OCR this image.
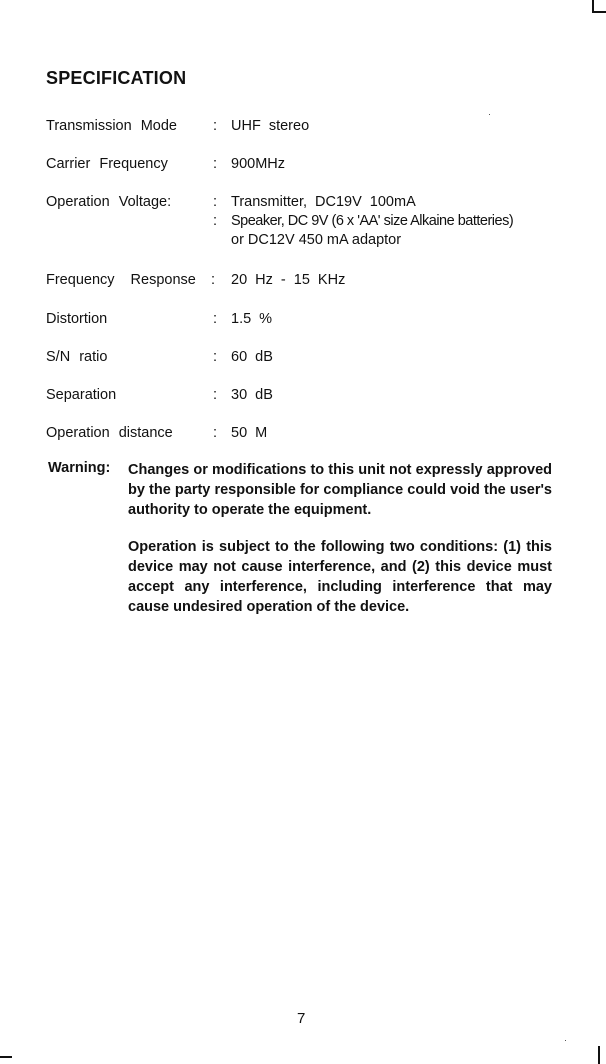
SPECIFICATION
Transmission Mode : UHF stereo
Carrier Frequency	: 900MHz
Operation Voltage:	: Transmitter, DC19V 100mA
: Speaker, DC 9V (6 x 'AA' size Alkaine batteries)
or DC12V 450 mA adaptor
Frequency Response : 20 Hz - 15 KHz
Distortion	: 1.5 %
S/N ratio	: 60 dB
Separation	: 30 dB
Operation distance	: 50 M
Warning: Changes or modifications to this unit not expressly approved by the party responsible for compliance could void the user's authority to operate the equipment.
Operation is subject to the following two conditions: (1) this device may not cause interference, and (2) this device must accept any interference, including interference that may cause undesired operation of the device.
7
